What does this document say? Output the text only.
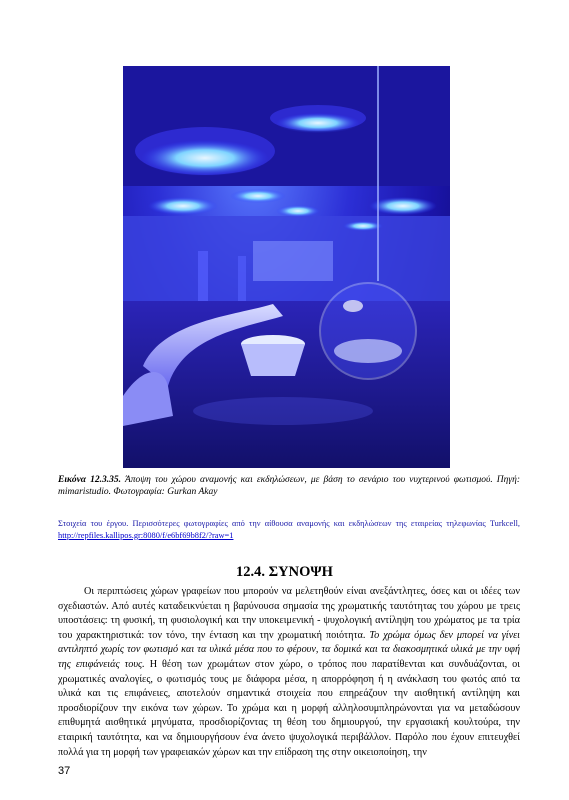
Εικόνα 12.3.35. Άποψη του χώρου αναμονής και εκδηλώσεων, με βάση το σενάριο του νυχτερινού φωτισμού. Πηγή: mimaristudio. Φωτογραφία: Gurkan Akay
Στοιχεία του έργου. Περισσότερες φωτογραφίες από την αίθουσα αναμονής και εκδηλώσεων της εταιρείας τηλεφωνίας Turkcell, http://repfiles.kallipos.gr:8080/f/e6bf69b8f2/?raw=1
12.4. ΣΥΝΟΨΗ

Οι περιπτώσεις χώρων γραφείων που μπορούν να μελετηθούν είναι ανεξάντλητες, όσες και οι ιδέες των σχεδιαστών. Από αυτές καταδεικνύεται η βαρύνουσα σημασία της χρωματικής ταυτότητας του χώρου με τρεις υποστάσεις: τη φυσική, τη φυσιολογική και την υποκειμενική - ψυχολογική αντίληψη του χρώματος με τα τρία του χαρακτηριστικά: τον τόνο, την ένταση και την χρωματική ποιότητα. Το χρώμα όμως δεν μπορεί να γίνει αντιληπτό χωρίς τον φωτισμό και τα υλικά μέσα που το φέρουν, τα δομικά και τα διακοσμητικά υλικά με την υφή της επιφάνειάς τους. Η θέση των χρωμάτων στον χώρο, ο τρόπος που παρατίθενται και συνδυάζονται, οι χρωματικές αναλογίες, ο φωτισμός τους με διάφορα μέσα, η απορρόφηση ή η ανάκλαση του φωτός από τα υλικά και τις επιφάνειες, αποτελούν σημαντικά στοιχεία που επηρεάζουν την αισθητική αντίληψη και προσδιορίζουν την εικόνα των χώρων. Το χρώμα και η μορφή αλληλοσυμπληρώνονται για να μεταδώσουν επιθυμητά αισθητικά μηνύματα, προσδιορίζοντας τη θέση του δημιουργού, την εργασιακή κουλτούρα, την εταιρική ταυτότητα, και να δημιουργήσουν ένα άνετο ψυχολογικά περιβάλλον. Παρόλο που έχουν επιτευχθεί πολλά για τη μορφή των γραφειακών χώρων και την επίδραση της στην οικειοποίηση, την

37
